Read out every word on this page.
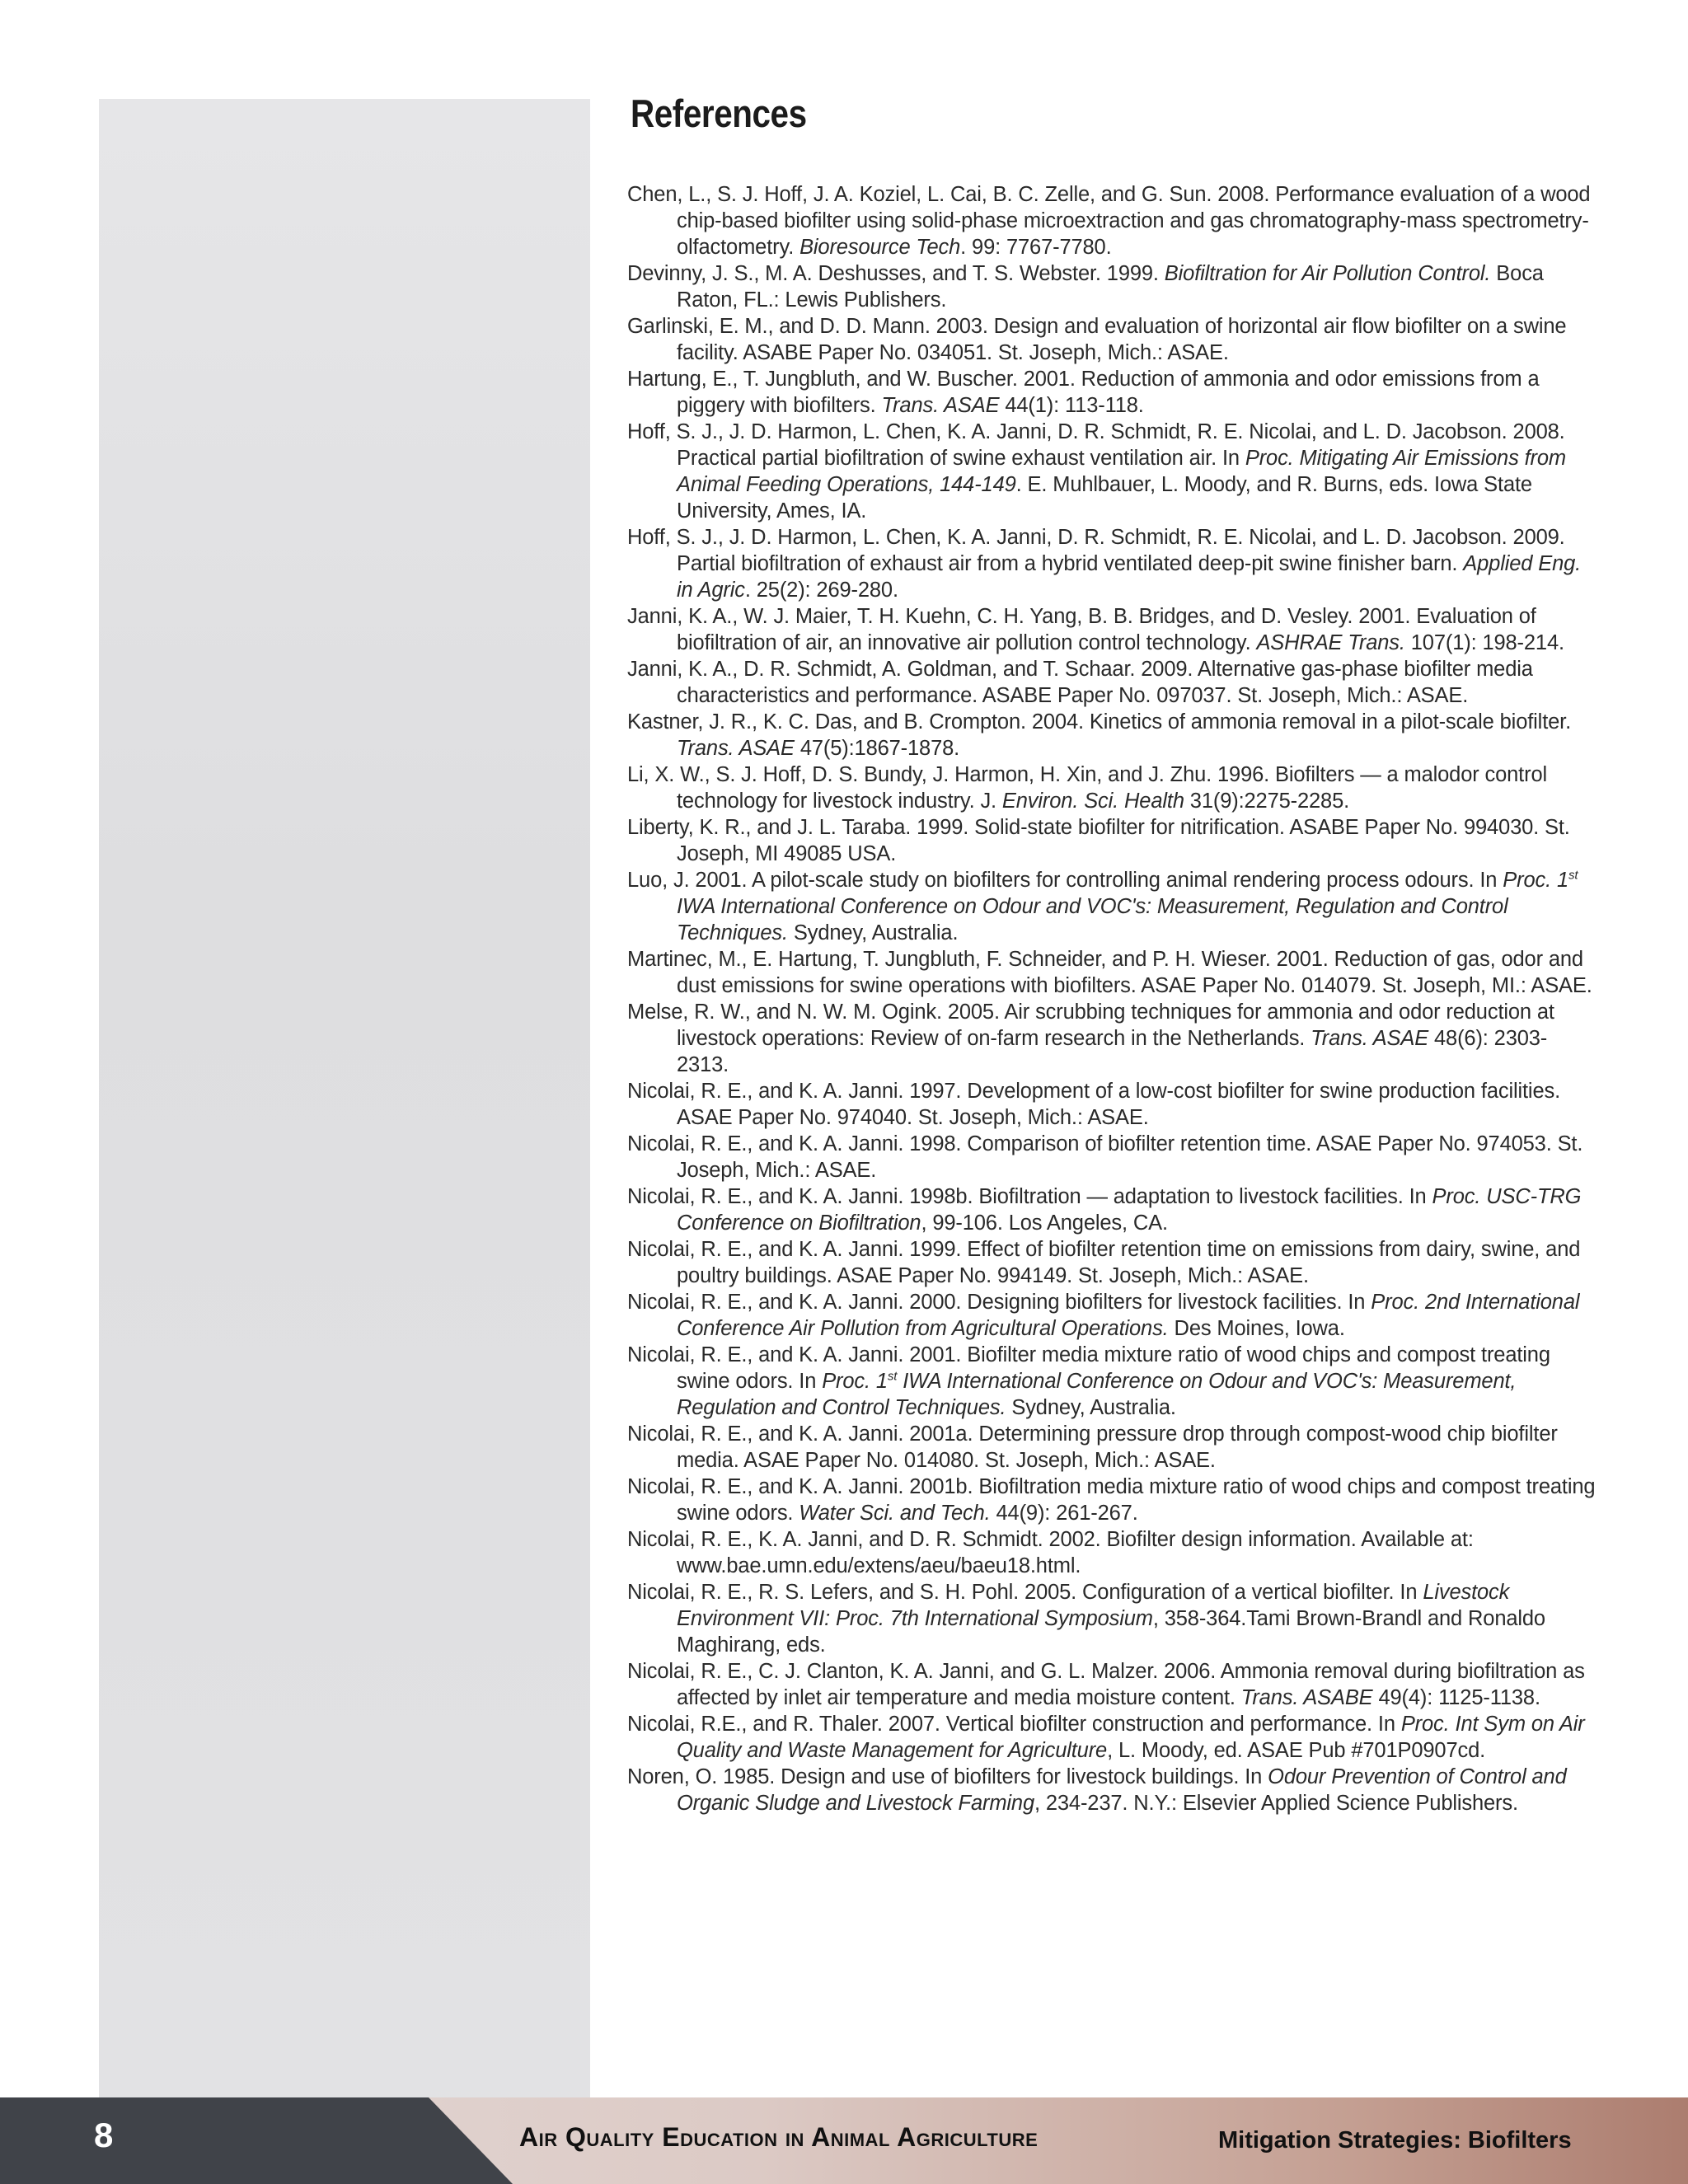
References
Chen, L., S. J. Hoff, J. A. Koziel, L. Cai, B. C. Zelle, and G. Sun. 2008. Performance evaluation of a wood chip-based biofilter using solid-phase microextraction and gas chromatography-mass spectrometry-olfactometry. Bioresource Tech. 99: 7767-7780.
Devinny, J. S., M. A. Deshusses, and T. S. Webster. 1999. Biofiltration for Air Pollution Control. Boca Raton, FL.: Lewis Publishers.
Garlinski, E. M., and D. D. Mann. 2003. Design and evaluation of horizontal air flow biofilter on a swine facility. ASABE Paper No. 034051. St. Joseph, Mich.: ASAE.
Hartung, E., T. Jungbluth, and W. Buscher. 2001. Reduction of ammonia and odor emissions from a piggery with biofilters. Trans. ASAE 44(1): 113-118.
Hoff, S. J., J. D. Harmon, L. Chen, K. A. Janni, D. R. Schmidt, R. E. Nicolai, and L. D. Jacobson. 2008. Practical partial biofiltration of swine exhaust ventilation air. In Proc. Mitigating Air Emissions from Animal Feeding Operations, 144-149. E. Muhlbauer, L. Moody, and R. Burns, eds. Iowa State University, Ames, IA.
Hoff, S. J., J. D. Harmon, L. Chen, K. A. Janni, D. R. Schmidt, R. E. Nicolai, and L. D. Jacobson. 2009. Partial biofiltration of exhaust air from a hybrid ventilated deep-pit swine finisher barn. Applied Eng. in Agric. 25(2): 269-280.
Janni, K. A., W. J. Maier, T. H. Kuehn, C. H. Yang, B. B. Bridges, and D. Vesley. 2001. Evaluation of biofiltration of air, an innovative air pollution control technology. ASHRAE Trans. 107(1): 198-214.
Janni, K. A., D. R. Schmidt, A. Goldman, and T. Schaar. 2009. Alternative gas-phase biofilter media characteristics and performance. ASABE Paper No. 097037. St. Joseph, Mich.: ASAE.
Kastner, J. R., K. C. Das, and B. Crompton. 2004. Kinetics of ammonia removal in a pilot-scale biofilter. Trans. ASAE 47(5):1867-1878.
Li, X. W., S. J. Hoff, D. S. Bundy, J. Harmon, H. Xin, and J. Zhu. 1996. Biofilters — a malodor control technology for livestock industry. J. Environ. Sci. Health 31(9):2275-2285.
Liberty, K. R., and J. L. Taraba. 1999. Solid-state biofilter for nitrification. ASABE Paper No. 994030. St. Joseph, MI 49085 USA.
Luo, J. 2001. A pilot-scale study on biofilters for controlling animal rendering process odours. In Proc. 1st IWA International Conference on Odour and VOC's: Measurement, Regulation and Control Techniques. Sydney, Australia.
Martinec, M., E. Hartung, T. Jungbluth, F. Schneider, and P. H. Wieser. 2001. Reduction of gas, odor and dust emissions for swine operations with biofilters. ASAE Paper No. 014079. St. Joseph, MI.: ASAE.
Melse, R. W., and N. W. M. Ogink. 2005. Air scrubbing techniques for ammonia and odor reduction at livestock operations: Review of on-farm research in the Netherlands. Trans. ASAE 48(6): 2303-2313.
Nicolai, R. E., and K. A. Janni. 1997. Development of a low-cost biofilter for swine production facilities. ASAE Paper No. 974040. St. Joseph, Mich.: ASAE.
Nicolai, R. E., and K. A. Janni. 1998. Comparison of biofilter retention time. ASAE Paper No. 974053. St. Joseph, Mich.: ASAE.
Nicolai, R. E., and K. A. Janni. 1998b. Biofiltration — adaptation to livestock facilities. In Proc. USC-TRG Conference on Biofiltration, 99-106. Los Angeles, CA.
Nicolai, R. E., and K. A. Janni. 1999. Effect of biofilter retention time on emissions from dairy, swine, and poultry buildings. ASAE Paper No. 994149. St. Joseph, Mich.: ASAE.
Nicolai, R. E., and K. A. Janni. 2000. Designing biofilters for livestock facilities. In Proc. 2nd International Conference Air Pollution from Agricultural Operations. Des Moines, Iowa.
Nicolai, R. E., and K. A. Janni. 2001. Biofilter media mixture ratio of wood chips and compost treating swine odors. In Proc. 1st IWA International Conference on Odour and VOC's: Measurement, Regulation and Control Techniques. Sydney, Australia.
Nicolai, R. E., and K. A. Janni. 2001a. Determining pressure drop through compost-wood chip biofilter media. ASAE Paper No. 014080. St. Joseph, Mich.: ASAE.
Nicolai, R. E., and K. A. Janni. 2001b. Biofiltration media mixture ratio of wood chips and compost treating swine odors. Water Sci. and Tech. 44(9): 261-267.
Nicolai, R. E., K. A. Janni, and D. R. Schmidt. 2002. Biofilter design information. Available at: www.bae.umn.edu/extens/aeu/baeu18.html.
Nicolai, R. E., R. S. Lefers, and S. H. Pohl. 2005. Configuration of a vertical biofilter. In Livestock Environment VII: Proc. 7th International Symposium, 358-364.Tami Brown-Brandl and Ronaldo Maghirang, eds.
Nicolai, R. E., C. J. Clanton, K. A. Janni, and G. L. Malzer. 2006. Ammonia removal during biofiltration as affected by inlet air temperature and media moisture content. Trans. ASABE 49(4): 1125-1138.
Nicolai, R.E., and R. Thaler. 2007. Vertical biofilter construction and performance. In Proc. Int Sym on Air Quality and Waste Management for Agriculture, L. Moody, ed. ASAE Pub #701P0907cd.
Noren, O. 1985. Design and use of biofilters for livestock buildings. In Odour Prevention of Control and Organic Sludge and Livestock Farming, 234-237. N.Y.: Elsevier Applied Science Publishers.
8	Air Quality Education in Animal Agriculture	Mitigation Strategies: Biofilters
